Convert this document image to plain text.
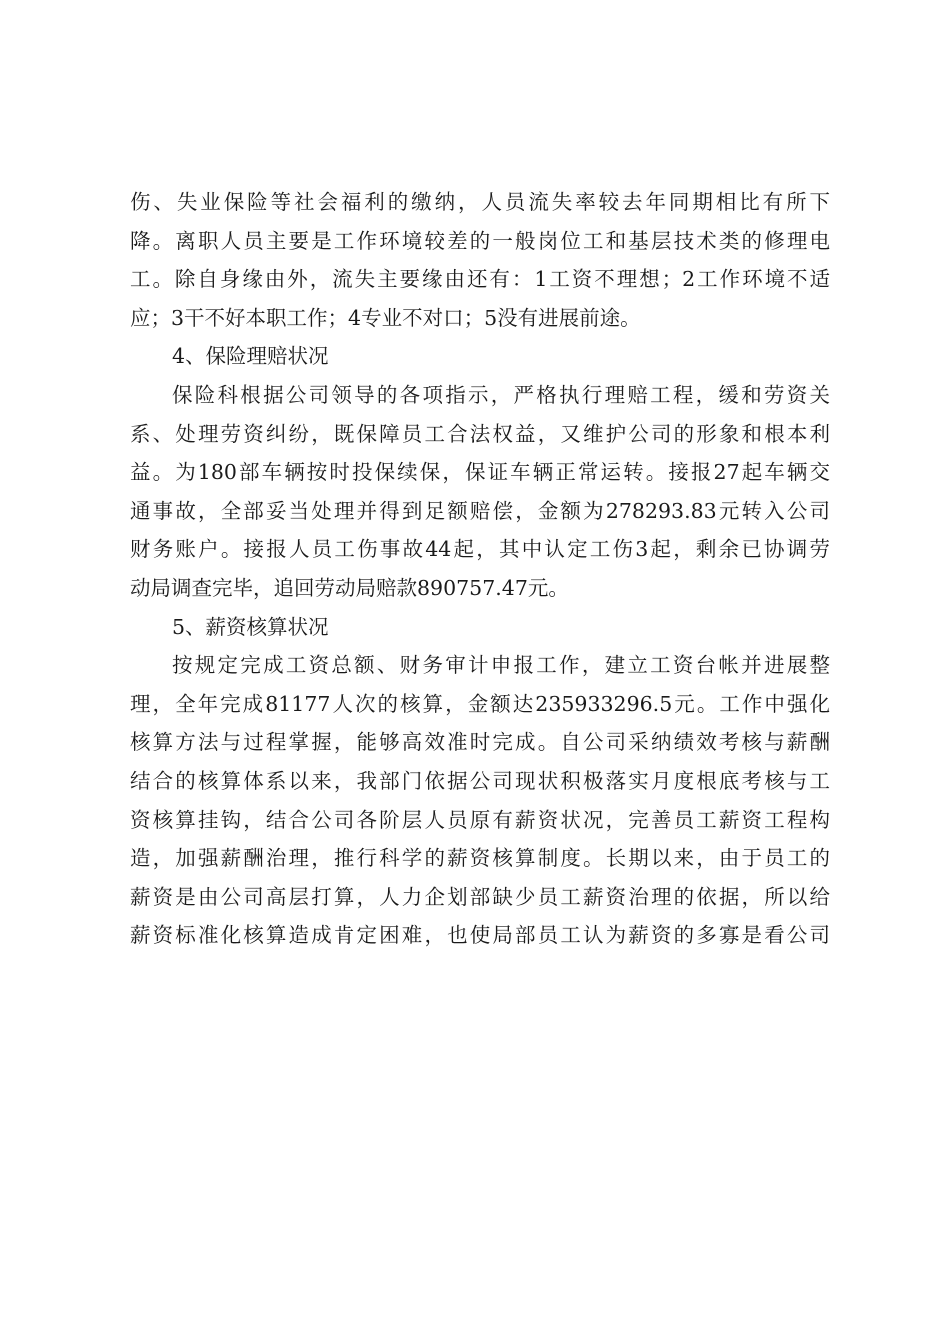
伤、失业保险等社会福利的缴纳，人员流失率较去年同期相比有所下
降。离职人员主要是工作环境较差的一般岗位工和基层技术类的修理电
工。除自身缘由外，流失主要缘由还有：1工资不理想；2工作环境不适
应；3干不好本职工作；4专业不对口；5没有进展前途。
4、保险理赔状况
保险科根据公司领导的各项指示，严格执行理赔工程，缓和劳资关
系、处理劳资纠纷，既保障员工合法权益，又维护公司的形象和根本利
益。为180部车辆按时投保续保，保证车辆正常运转。接报27起车辆交
通事故，全部妥当处理并得到足额赔偿，金额为278293.83元转入公司
财务账户。接报人员工伤事故44起，其中认定工伤3起，剩余已协调劳
动局调查完毕，追回劳动局赔款890757.47元。
5、薪资核算状况
按规定完成工资总额、财务审计申报工作，建立工资台帐并进展整
理，全年完成81177人次的核算，金额达235933296.5元。工作中强化
核算方法与过程掌握，能够高效准时完成。自公司采纳绩效考核与薪酬
结合的核算体系以来，我部门依据公司现状积极落实月度根底考核与工
资核算挂钩，结合公司各阶层人员原有薪资状况，完善员工薪资工程构
造，加强薪酬治理，推行科学的薪资核算制度。长期以来，由于员工的
薪资是由公司高层打算，人力企划部缺少员工薪资治理的依据，所以给
薪资标准化核算造成肯定困难，也使局部员工认为薪资的多寡是看公司
